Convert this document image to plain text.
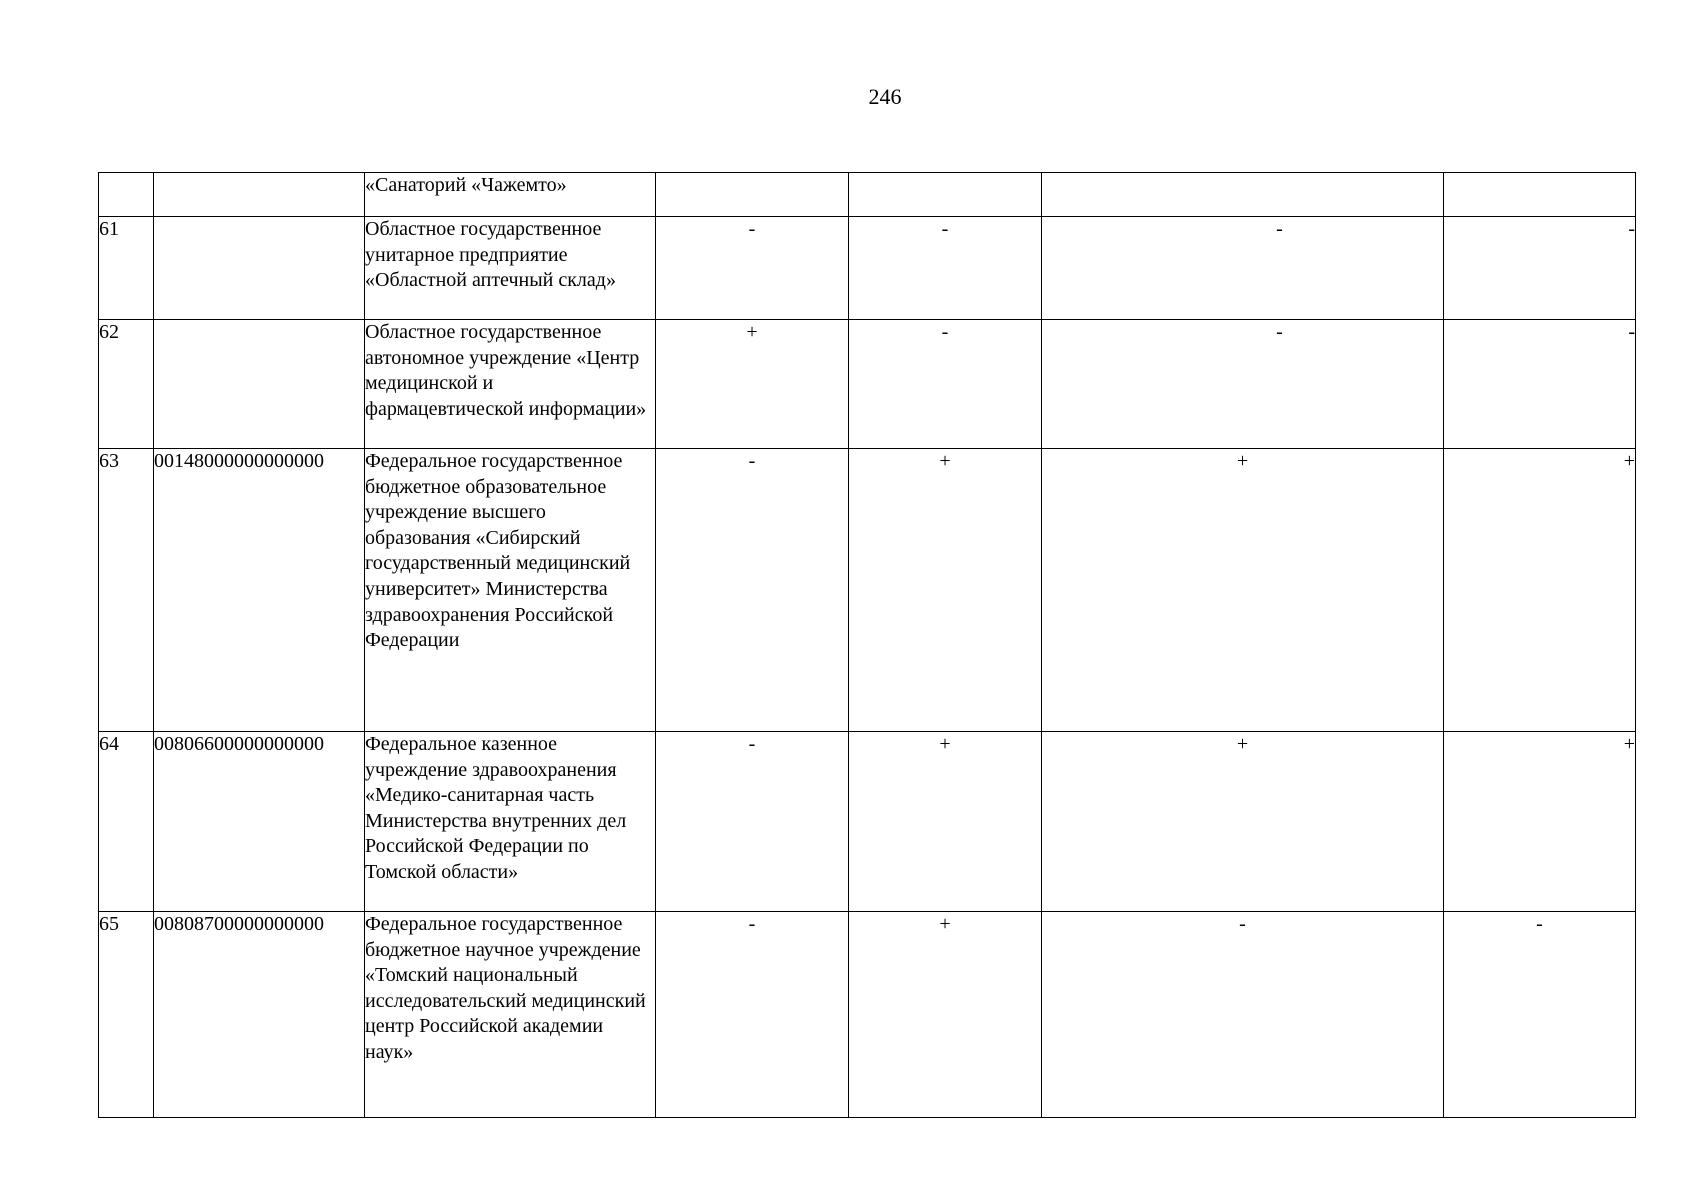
246
		«Санаторий «Чажемто»				
61		Областное государственное унитарное предприятие «Областной аптечный склад»	-	-	-	-
62		Областное государственное автономное учреждение «Центр медицинской и фармацевтической информации»	+	-	-	-
63	00148000000000000	Федеральное государственное бюджетное образовательное учреждение высшего образования «Сибирский государственный медицинский университет» Министерства здравоохранения Российской Федерации	-	+	+	+
64	00806600000000000	Федеральное казенное учреждение здравоохранения «Медико-санитарная часть Министерства внутренних дел Российской Федерации по Томской области»	-	+	+	+
65	00808700000000000	Федеральное государственное бюджетное научное учреждение «Томский национальный исследовательский медицинский центр Российской академии наук»	-	+	-	-
